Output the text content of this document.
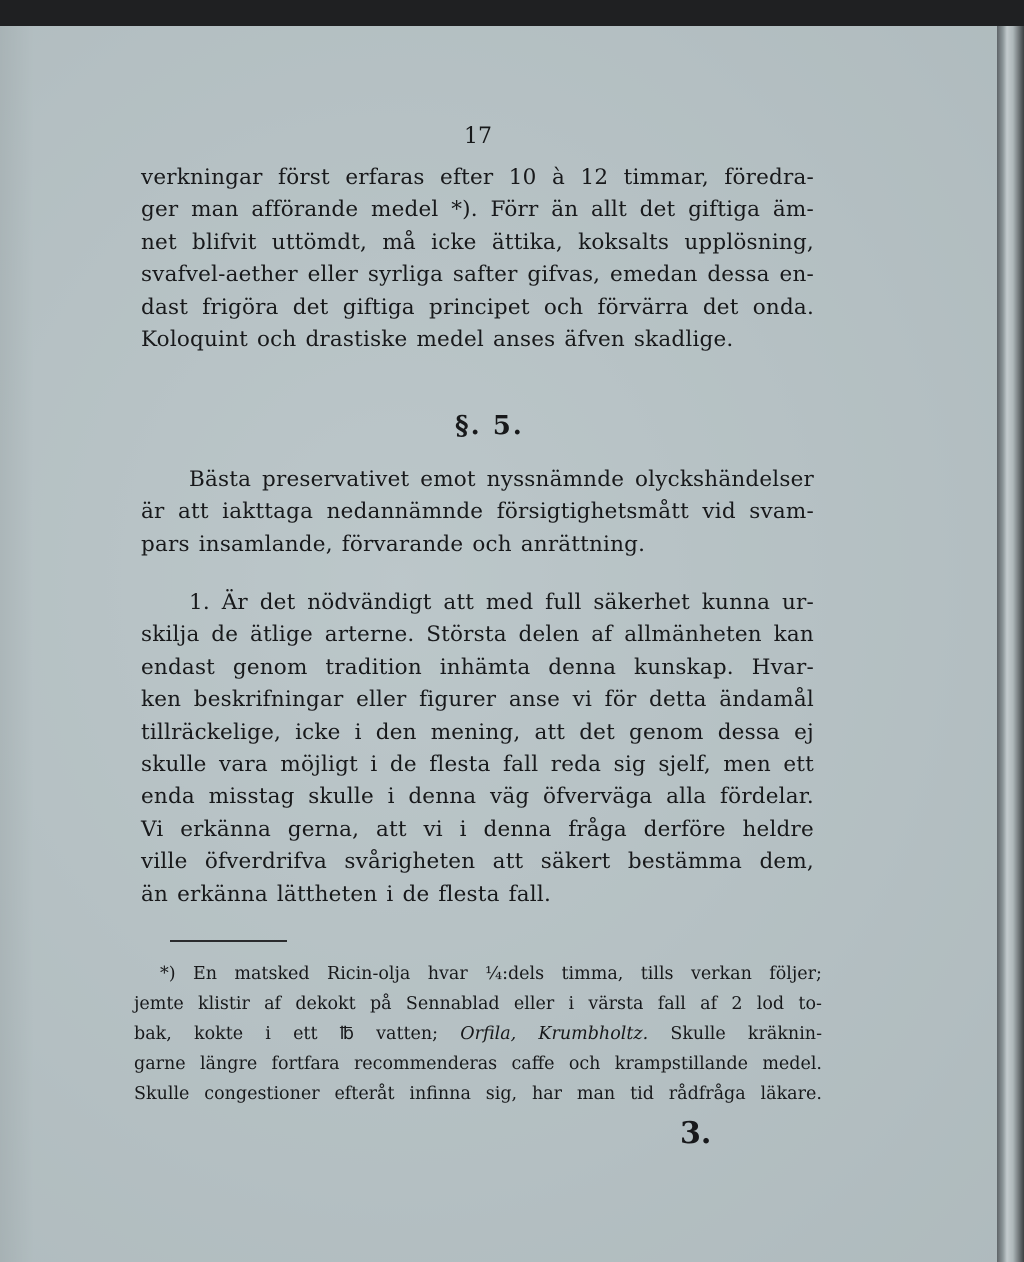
17
verkningar först erfaras efter 10 à 12 timmar, föredra-
ger man afförande medel *). Förr än allt det giftiga äm-
net blifvit uttömdt, må icke ättika, koksalts upplösning,
svafvel-aether eller syrliga safter gifvas, emedan dessa en-
dast frigöra det giftiga principet och förvärra det onda.
Koloquint och drastiske medel anses äfven skadlige.
§. 5.
Bästa preservativet emot nyssnämnde olyckshändelser
är att iakttaga nedannämnde försigtighetsmått vid svam-
pars insamlande, förvarande och anrättning.
1. Är det nödvändigt att med full säkerhet kunna ur-
skilja de ätlige arterne. Största delen af allmänheten kan
endast genom tradition inhämta denna kunskap. Hvar-
ken beskrifningar eller figurer anse vi för detta ändamål
tillräckelige, icke i den mening, att det genom dessa ej
skulle vara möjligt i de flesta fall reda sig sjelf, men ett
enda misstag skulle i denna väg öfverväga alla fördelar.
Vi erkänna gerna, att vi i denna fråga derföre heldre
ville öfverdrifva svårigheten att säkert bestämma dem,
än erkänna lättheten i de flesta fall.
*) En matsked Ricin-olja hvar ¼:dels timma, tills verkan följer;
jemte klistir af dekokt på Sennablad eller i värsta fall af 2 lod to-
bak, kokte i ett ℔ vatten; Orfila, Krumbholtz. Skulle kräknin-
garne längre fortfara recommenderas caffe och krampstillande medel.
Skulle congestioner efteråt infinna sig, har man tid rådfråga läkare.
3.
